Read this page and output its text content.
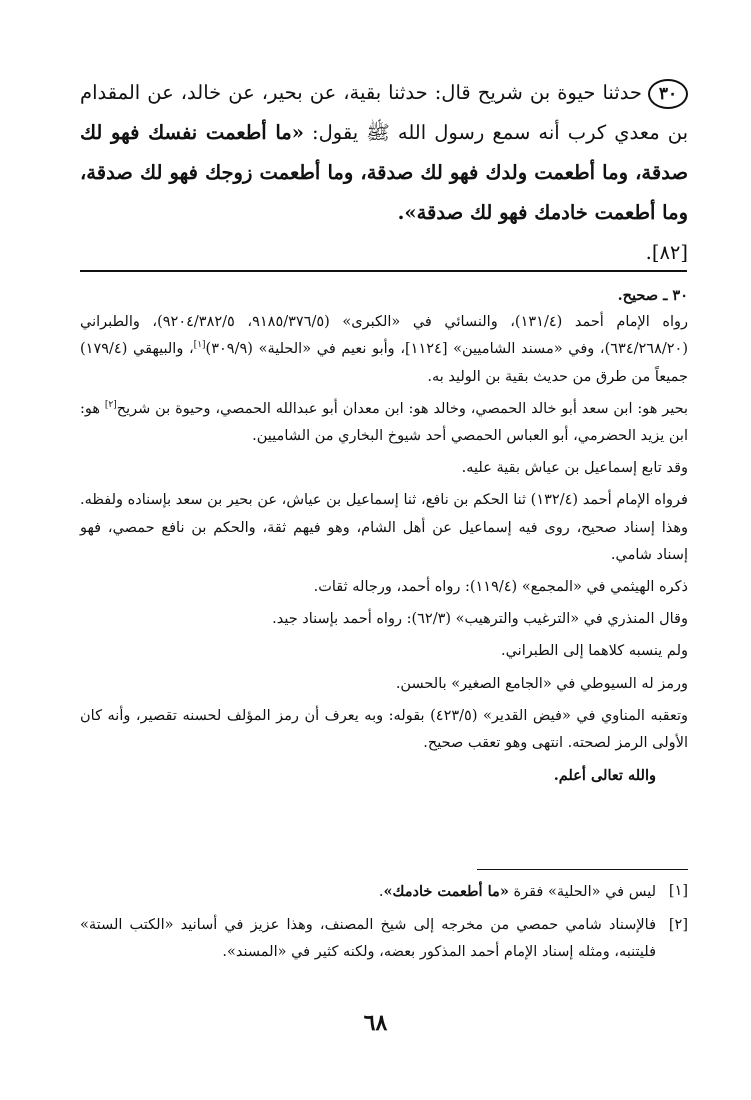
٣٠حدثنا حيوة بن شريح قال: حدثنا بقية، عن بحير، عن خالد، عن المقدام بن معدي كرب أنه سمع رسول الله ﷺ يقول: «ما أطعمت نفسك فهو لك صدقة، وما أطعمت ولدك فهو لك صدقة، وما أطعمت زوجك فهو لك صدقة، وما أطعمت خادمك فهو لك صدقة».
[٨٢].

٣٠ ـ صحيح.

رواه الإمام أحمد (١٣١/٤)، والنسائي في «الكبرى» (٩١٨٥/٣٧٦/٥، ٩٢٠٤/٣٨٢/٥)، والطبراني (٦٣٤/٢٦٨/٢٠)، وفي «مسند الشاميين» [١١٢٤]، وأبو نعيم في «الحلية» (٣٠٩/٩)[١]، والبيهقي (١٧٩/٤) جميعاً من طرق من حديث بقية بن الوليد به.

بحير هو: ابن سعد أبو خالد الحمصي، وخالد هو: ابن معدان أبو عبدالله الحمصي، وحيوة بن شريح[٢] هو: ابن يزيد الحضرمي، أبو العباس الحمصي أحد شيوخ البخاري من الشاميين.

وقد تابع إسماعيل بن عياش بقية عليه.

فرواه الإمام أحمد (١٣٢/٤) ثنا الحكم بن نافع، ثنا إسماعيل بن عياش، عن بحير بن سعد بإسناده ولفظه. وهذا إسناد صحيح، روى فيه إسماعيل عن أهل الشام، وهو فيهم ثقة، والحكم بن نافع حمصي، فهو إسناد شامي.

ذكره الهيثمي في «المجمع» (١١٩/٤): رواه أحمد، ورجاله ثقات.

وقال المنذري في «الترغيب والترهيب» (٦٢/٣): رواه أحمد بإسناد جيد.

ولم ينسبه كلاهما إلى الطبراني.

ورمز له السيوطي في «الجامع الصغير» بالحسن.

وتعقبه المناوي في «فيض القدير» (٤٢٣/٥) بقوله: وبه يعرف أن رمز المؤلف لحسنه تقصير، وأنه كان الأولى الرمز لصحته. انتهى وهو تعقب صحيح.

والله تعالى أعلم.

[١]
ليس في «الحلية» فقرة «ما أطعمت خادمك».
[٢]
فالإسناد شامي حمصي من مخرجه إلى شيخ المصنف، وهذا عزيز في أسانيد «الكتب الستة» فليتنبه، ومثله إسناد الإمام أحمد المذكور بعضه، ولكنه كثير في «المسند».
٦٨
